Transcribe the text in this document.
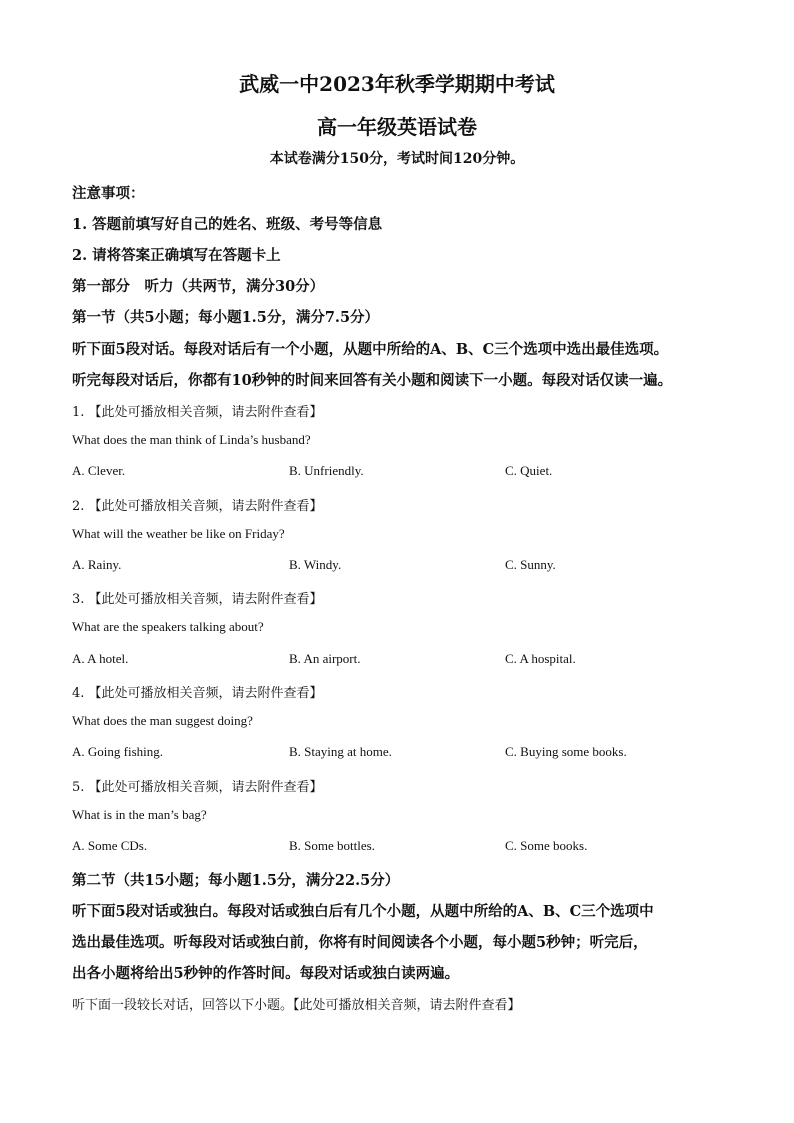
武威一中2023年秋季学期期中考试
高一年级英语试卷
本试卷满分150分，考试时间120分钟。
注意事项：
1. 答题前填写好自己的姓名、班级、考号等信息
2. 请将答案正确填写在答题卡上
第一部分　听力（共两节，满分30分）
第一节（共5小题；每小题1.5分，满分7.5分）
听下面5段对话。每段对话后有一个小题，从题中所给的A、B、C三个选项中选出最佳选项。
听完每段对话后，你都有10秒钟的时间来回答有关小题和阅读下一小题。每段对话仅读一遍。
1. 【此处可播放相关音频，请去附件查看】
What does the man think of Linda’s husband?
A. Clever.	B. Unfriendly.	C. Quiet.
2. 【此处可播放相关音频，请去附件查看】
What will the weather be like on Friday?
A. Rainy.	B. Windy.	C. Sunny.
3. 【此处可播放相关音频，请去附件查看】
What are the speakers talking about?
A. A hotel.	B. An airport.	C. A hospital.
4. 【此处可播放相关音频，请去附件查看】
What does the man suggest doing?
A. Going fishing.	B. Staying at home.	C. Buying some books.
5. 【此处可播放相关音频，请去附件查看】
What is in the man’s bag?
A. Some CDs.	B. Some bottles.	C. Some books.
第二节（共15小题；每小题1.5分，满分22.5分）
听下面5段对话或独白。每段对话或独白后有几个小题，从题中所给的A、B、C三个选项中
选出最佳选项。听每段对话或独白前，你将有时间阅读各个小题，每小题5秒钟；听完后，
出各小题将给出5秒钟的作答时间。每段对话或独白读两遍。
听下面一段较长对话，回答以下小题。【此处可播放相关音频，请去附件查看】
